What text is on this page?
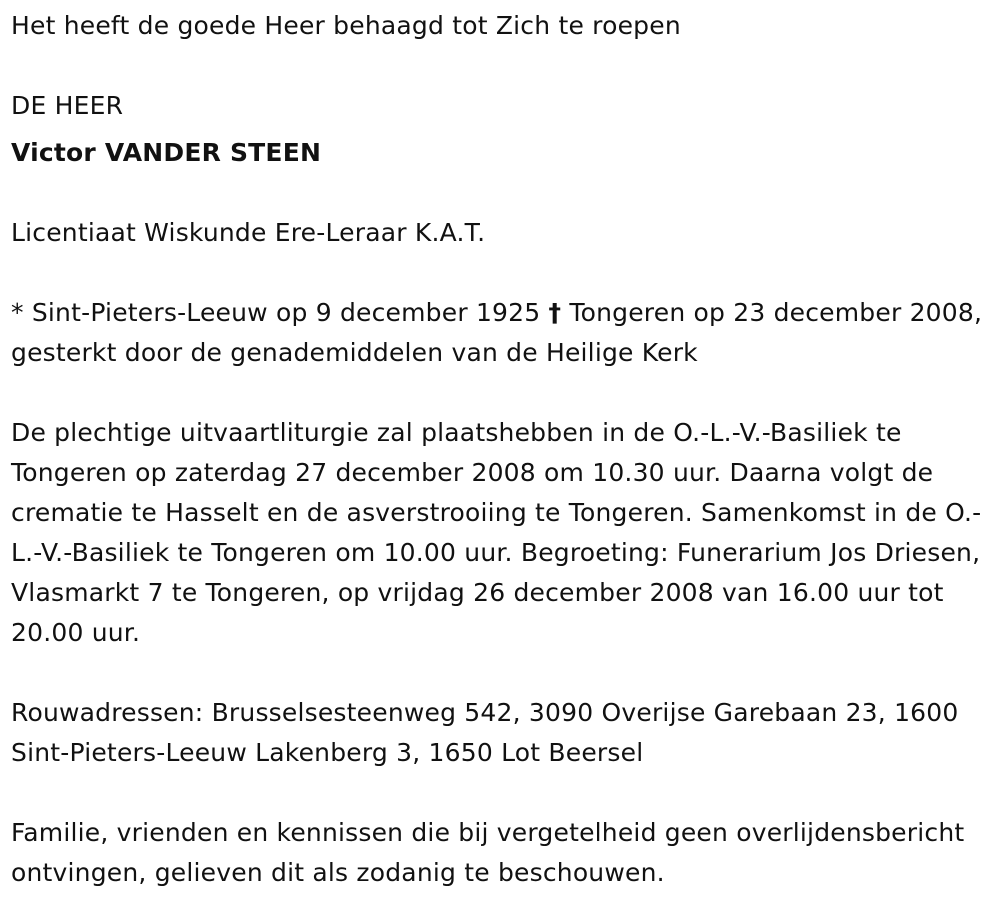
Het heeft de goede Heer behaagd tot Zich te roepen

DE HEER

Victor VANDER STEEN

Licentiaat Wiskunde Ere-Leraar K.A.T.

* Sint-Pieters-Leeuw op 9 december 1925 † Tongeren op 23 december 2008, gesterkt door de genademiddelen van de Heilige Kerk

De plechtige uitvaartliturgie zal plaatshebben in de O.-L.-V.-Basiliek te Tongeren op zaterdag 27 december 2008 om 10.30 uur. Daarna volgt de crematie te Hasselt en de asverstrooiing te Tongeren. Samenkomst in de O.-L.-V.-Basiliek te Tongeren om 10.00 uur. Begroeting: Funerarium Jos Driesen, Vlasmarkt 7 te Tongeren, op vrijdag 26 december 2008 van 16.00 uur tot 20.00 uur.

Rouwadressen: Brusselsesteenweg 542, 3090 Overijse Garebaan 23, 1600 Sint-Pieters-Leeuw Lakenberg 3, 1650 Lot Beersel

Familie, vrienden en kennissen die bij vergetelheid geen overlijdensbericht ontvingen, gelieven dit als zodanig te beschouwen.
